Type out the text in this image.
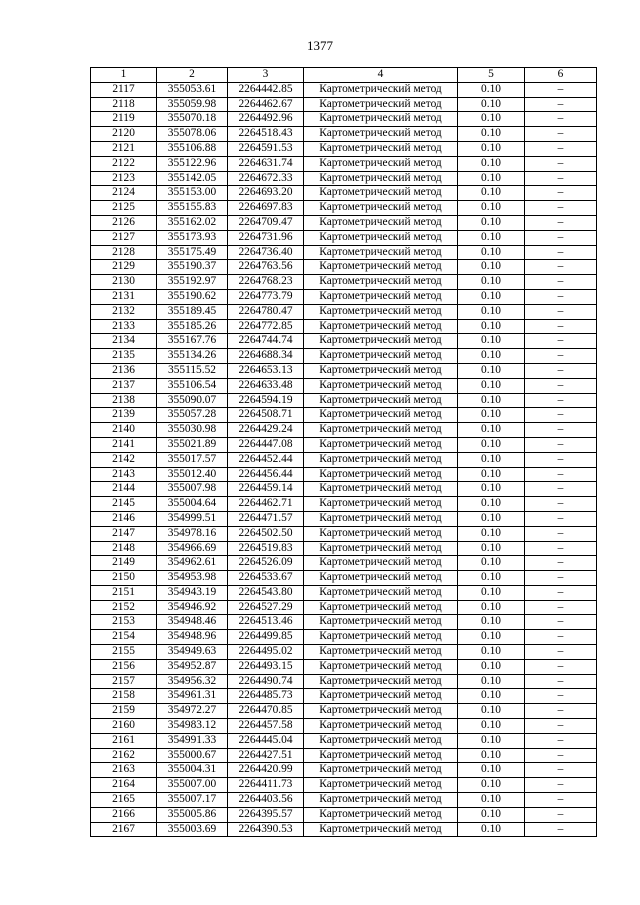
1377
1	2	3	4	5	6
2117	355053.61	2264442.85	Картометрический метод	0.10	–
2118	355059.98	2264462.67	Картометрический метод	0.10	–
2119	355070.18	2264492.96	Картометрический метод	0.10	–
2120	355078.06	2264518.43	Картометрический метод	0.10	–
2121	355106.88	2264591.53	Картометрический метод	0.10	–
2122	355122.96	2264631.74	Картометрический метод	0.10	–
2123	355142.05	2264672.33	Картометрический метод	0.10	–
2124	355153.00	2264693.20	Картометрический метод	0.10	–
2125	355155.83	2264697.83	Картометрический метод	0.10	–
2126	355162.02	2264709.47	Картометрический метод	0.10	–
2127	355173.93	2264731.96	Картометрический метод	0.10	–
2128	355175.49	2264736.40	Картометрический метод	0.10	–
2129	355190.37	2264763.56	Картометрический метод	0.10	–
2130	355192.97	2264768.23	Картометрический метод	0.10	–
2131	355190.62	2264773.79	Картометрический метод	0.10	–
2132	355189.45	2264780.47	Картометрический метод	0.10	–
2133	355185.26	2264772.85	Картометрический метод	0.10	–
2134	355167.76	2264744.74	Картометрический метод	0.10	–
2135	355134.26	2264688.34	Картометрический метод	0.10	–
2136	355115.52	2264653.13	Картометрический метод	0.10	–
2137	355106.54	2264633.48	Картометрический метод	0.10	–
2138	355090.07	2264594.19	Картометрический метод	0.10	–
2139	355057.28	2264508.71	Картометрический метод	0.10	–
2140	355030.98	2264429.24	Картометрический метод	0.10	–
2141	355021.89	2264447.08	Картометрический метод	0.10	–
2142	355017.57	2264452.44	Картометрический метод	0.10	–
2143	355012.40	2264456.44	Картометрический метод	0.10	–
2144	355007.98	2264459.14	Картометрический метод	0.10	–
2145	355004.64	2264462.71	Картометрический метод	0.10	–
2146	354999.51	2264471.57	Картометрический метод	0.10	–
2147	354978.16	2264502.50	Картометрический метод	0.10	–
2148	354966.69	2264519.83	Картометрический метод	0.10	–
2149	354962.61	2264526.09	Картометрический метод	0.10	–
2150	354953.98	2264533.67	Картометрический метод	0.10	–
2151	354943.19	2264543.80	Картометрический метод	0.10	–
2152	354946.92	2264527.29	Картометрический метод	0.10	–
2153	354948.46	2264513.46	Картометрический метод	0.10	–
2154	354948.96	2264499.85	Картометрический метод	0.10	–
2155	354949.63	2264495.02	Картометрический метод	0.10	–
2156	354952.87	2264493.15	Картометрический метод	0.10	–
2157	354956.32	2264490.74	Картометрический метод	0.10	–
2158	354961.31	2264485.73	Картометрический метод	0.10	–
2159	354972.27	2264470.85	Картометрический метод	0.10	–
2160	354983.12	2264457.58	Картометрический метод	0.10	–
2161	354991.33	2264445.04	Картометрический метод	0.10	–
2162	355000.67	2264427.51	Картометрический метод	0.10	–
2163	355004.31	2264420.99	Картометрический метод	0.10	–
2164	355007.00	2264411.73	Картометрический метод	0.10	–
2165	355007.17	2264403.56	Картометрический метод	0.10	–
2166	355005.86	2264395.57	Картометрический метод	0.10	–
2167	355003.69	2264390.53	Картометрический метод	0.10	–
